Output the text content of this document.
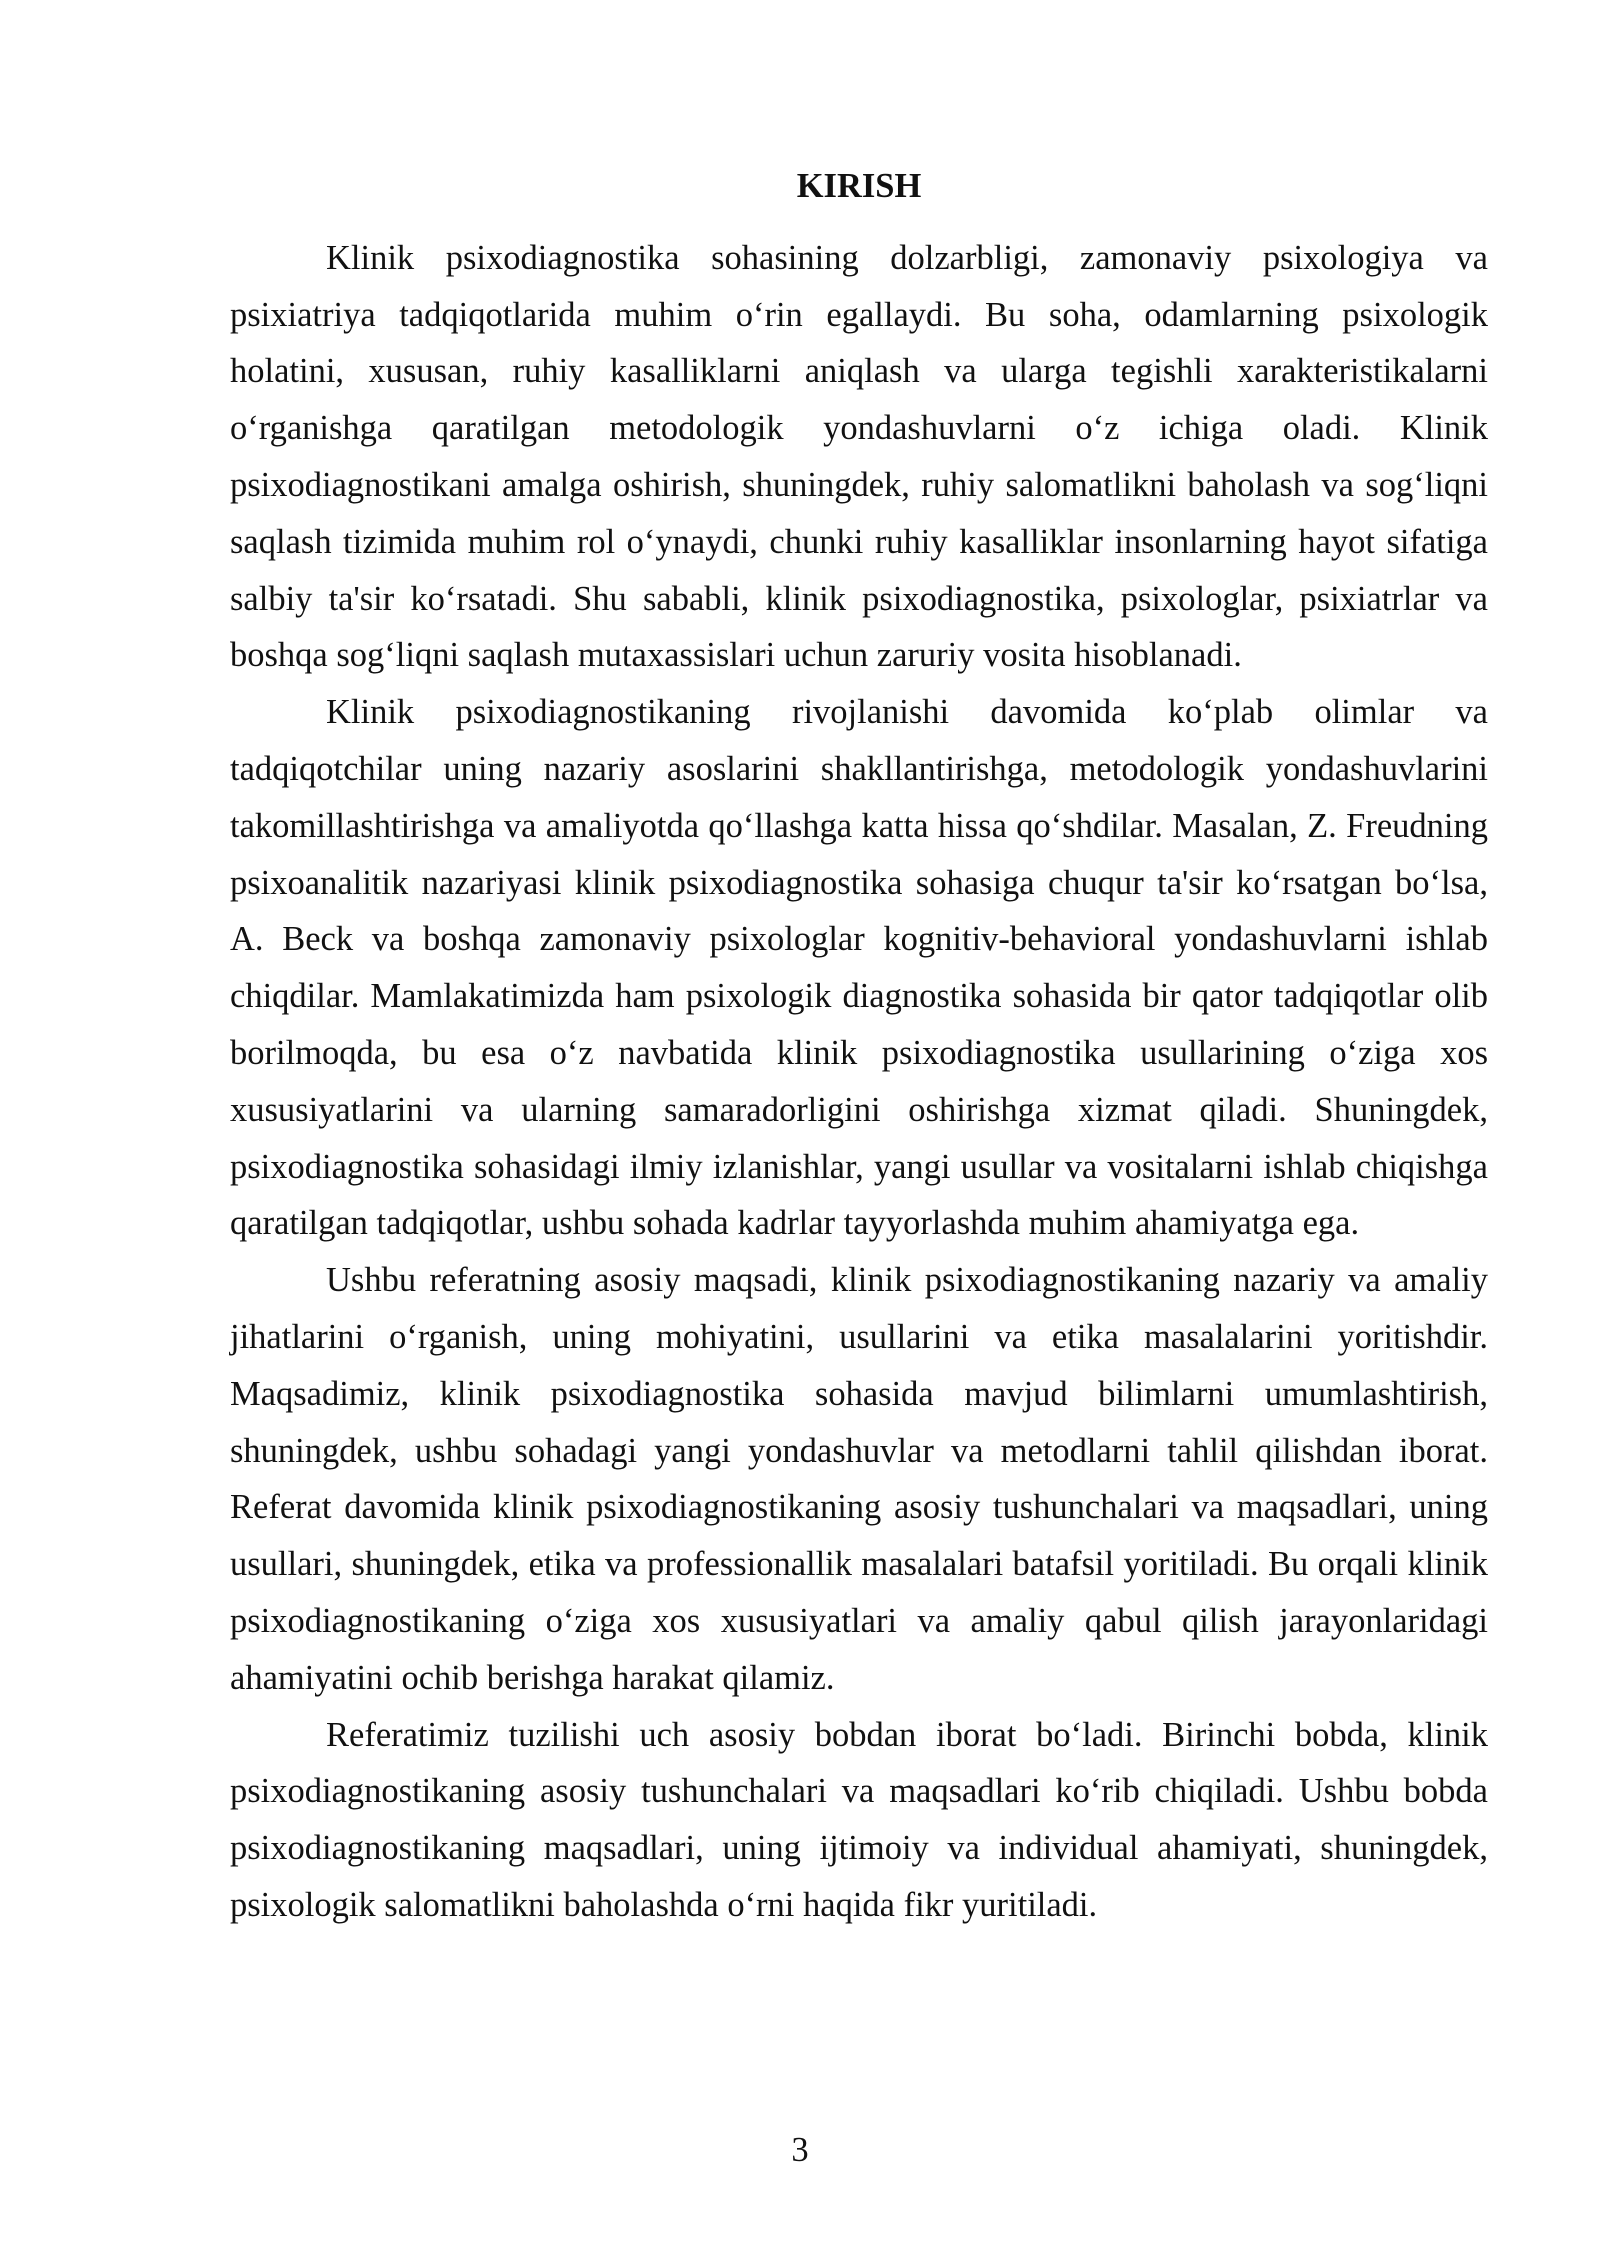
KIRISH

Klinik psixodiagnostika sohasining dolzarbligi, zamonaviy psixologiya va psixiatriya tadqiqotlarida muhim o‘rin egallaydi. Bu soha, odamlarning psixologik holatini, xususan, ruhiy kasalliklarni aniqlash va ularga tegishli xarakteristikalarni o‘rganishga qaratilgan metodologik yondashuvlarni o‘z ichiga oladi. Klinik psixodiagnostikani amalga oshirish, shuningdek, ruhiy salomatlikni baholash va sog‘liqni saqlash tizimida muhim rol o‘ynaydi, chunki ruhiy kasalliklar insonlarning hayot sifatiga salbiy ta'sir ko‘rsatadi. Shu sababli, klinik psixodiagnostika, psixologlar, psixiatrlar va boshqa sog‘liqni saqlash mutaxassislari uchun zaruriy vosita hisoblanadi.

Klinik psixodiagnostikaning rivojlanishi davomida ko‘plab olimlar va tadqiqotchilar uning nazariy asoslarini shakllantirishga, metodologik yondashuvlarini takomillashtirishga va amaliyotda qo‘llashga katta hissa qo‘shdilar. Masalan, Z. Freudning psixoanalitik nazariyasi klinik psixodiagnostika sohasiga chuqur ta'sir ko‘rsatgan bo‘lsa, A. Beck va boshqa zamonaviy psixologlar kognitiv-behavioral yondashuvlarni ishlab chiqdilar. Mamlakatimizda ham psixologik diagnostika sohasida bir qator tadqiqotlar olib borilmoqda, bu esa o‘z navbatida klinik psixodiagnostika usullarining o‘ziga xos xususiyatlarini va ularning samaradorligini oshirishga xizmat qiladi. Shuningdek, psixodiagnostika sohasidagi ilmiy izlanishlar, yangi usullar va vositalarni ishlab chiqishga qaratilgan tadqiqotlar, ushbu sohada kadrlar tayyorlashda muhim ahamiyatga ega.

Ushbu referatning asosiy maqsadi, klinik psixodiagnostikaning nazariy va amaliy jihatlarini o‘rganish, uning mohiyatini, usullarini va etika masalalarini yoritishdir. Maqsadimiz, klinik psixodiagnostika sohasida mavjud bilimlarni umumlashtirish, shuningdek, ushbu sohadagi yangi yondashuvlar va metodlarni tahlil qilishdan iborat. Referat davomida klinik psixodiagnostikaning asosiy tushunchalari va maqsadlari, uning usullari, shuningdek, etika va professionallik masalalari batafsil yoritiladi. Bu orqali klinik psixodiagnostikaning o‘ziga xos xususiyatlari va amaliy qabul qilish jarayonlaridagi ahamiyatini ochib berishga harakat qilamiz.

Referatimiz tuzilishi uch asosiy bobdan iborat bo‘ladi. Birinchi bobda, klinik psixodiagnostikaning asosiy tushunchalari va maqsadlari ko‘rib chiqiladi. Ushbu bobda psixodiagnostikaning maqsadlari, uning ijtimoiy va individual ahamiyati, shuningdek, psixologik salomatlikni baholashda o‘rni haqida fikr yuritiladi.

3
